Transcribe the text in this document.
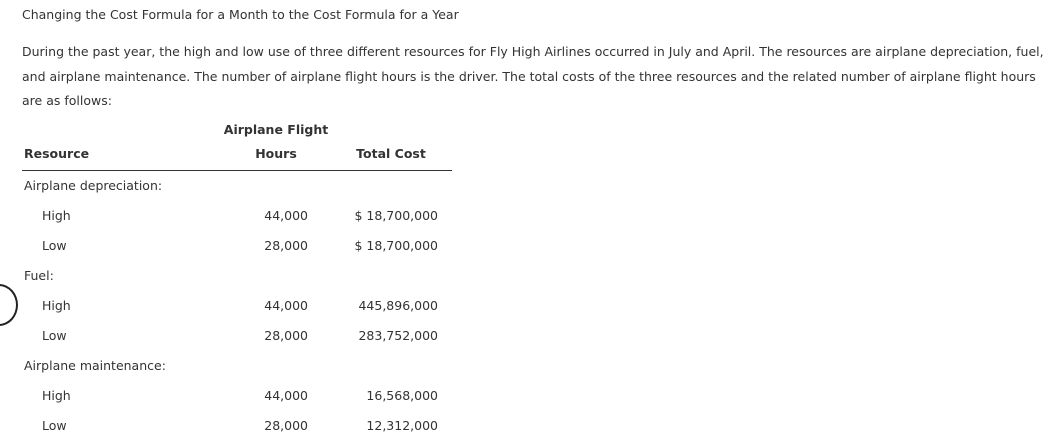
Changing the Cost Formula for a Month to the Cost Formula for a Year
During the past year, the high and low use of three different resources for Fly High Airlines occurred in July and April. The resources are airplane depreciation, fuel, and airplane maintenance. The number of airplane flight hours is the driver. The total costs of the three resources and the related number of airplane flight hours are as follows:
Airplane Flight
Resource	Hours	Total Cost
Airplane depreciation:
High	44,000	$ 18,700,000
Low	28,000	$ 18,700,000
Fuel:
High	44,000	445,896,000
Low	28,000	283,752,000
Airplane maintenance:
High	44,000	16,568,000
Low	28,000	12,312,000
